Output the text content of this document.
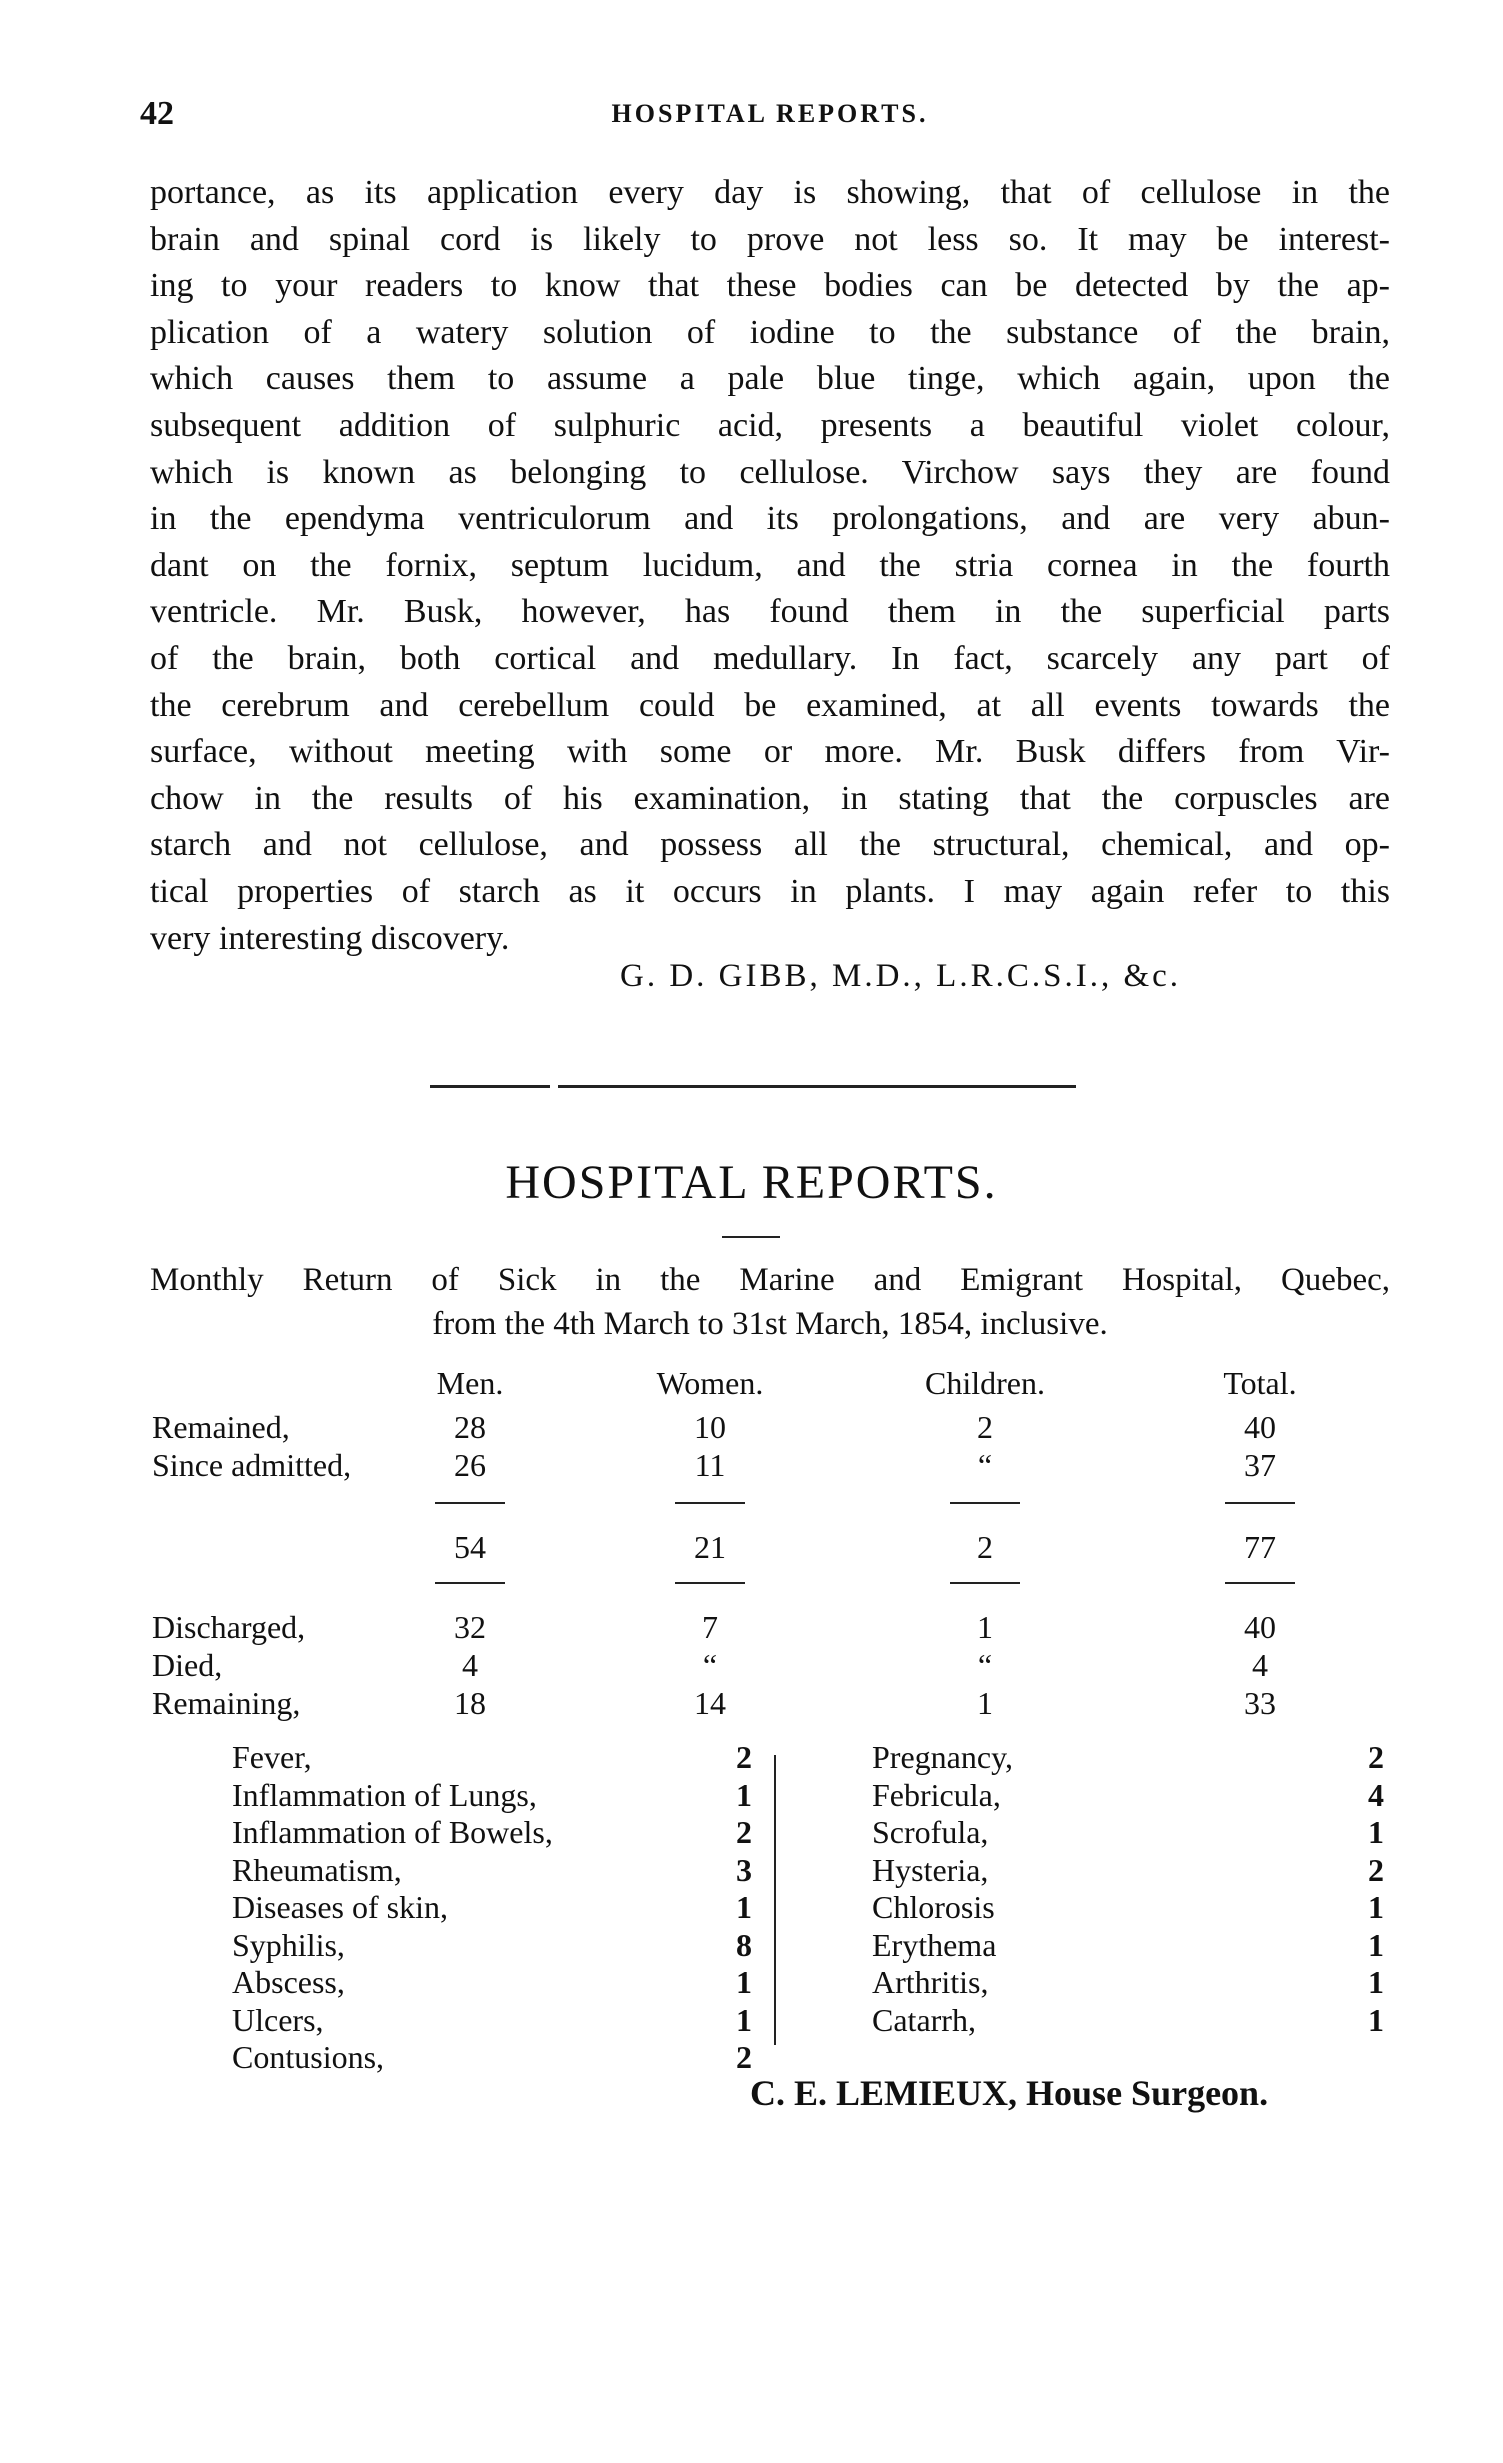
42	HOSPITAL REPORTS.
portance, as its application every day is showing, that of cellulose in the
brain and spinal cord is likely to prove not less so. It may be interest-
ing to your readers to know that these bodies can be detected by the ap-
plication of a watery solution of iodine to the substance of the brain,
which causes them to assume a pale blue tinge, which again, upon the
subsequent addition of sulphuric acid, presents a beautiful violet colour,
which is known as belonging to cellulose. Virchow says they are found
in the ependyma ventriculorum and its prolongations, and are very abun-
dant on the fornix, septum lucidum, and the stria cornea in the fourth
ventricle. Mr. Busk, however, has found them in the superficial parts
of the brain, both cortical and medullary. In fact, scarcely any part of
the cerebrum and cerebellum could be examined, at all events towards the
surface, without meeting with some or more. Mr. Busk differs from Vir-
chow in the results of his examination, in stating that the corpuscles are
starch and not cellulose, and possess all the structural, chemical, and op-
tical properties of starch as it occurs in plants. I may again refer to this
very interesting discovery.
G. D. GIBB, M.D., L.R.C.S.I., &c.
HOSPITAL REPORTS.
Monthly Return of Sick in the Marine and Emigrant Hospital, Quebec,
from the 4th March to 31st March, 1854, inclusive.
Men.	Women.	Children.	Total.
Remained,	28	10	2	40
Since admitted,	26	11	“	37
54	21	2	77
Discharged,	32	7	1	40
Died,	4	“	“	4
Remaining,	18	14	1	33
Fever,	2
Inflammation of Lungs,	1
Inflammation of Bowels,	2
Rheumatism,	3
Diseases of skin,	1
Syphilis,	8
Abscess,	1
Ulcers,	1
Contusions,	2
Pregnancy,	2
Febricula,	4
Scrofula,	1
Hysteria,	2
Chlorosis	1
Erythema	1
Arthritis,	1
Catarrh,	1
C. E. LEMIEUX, House Surgeon.
